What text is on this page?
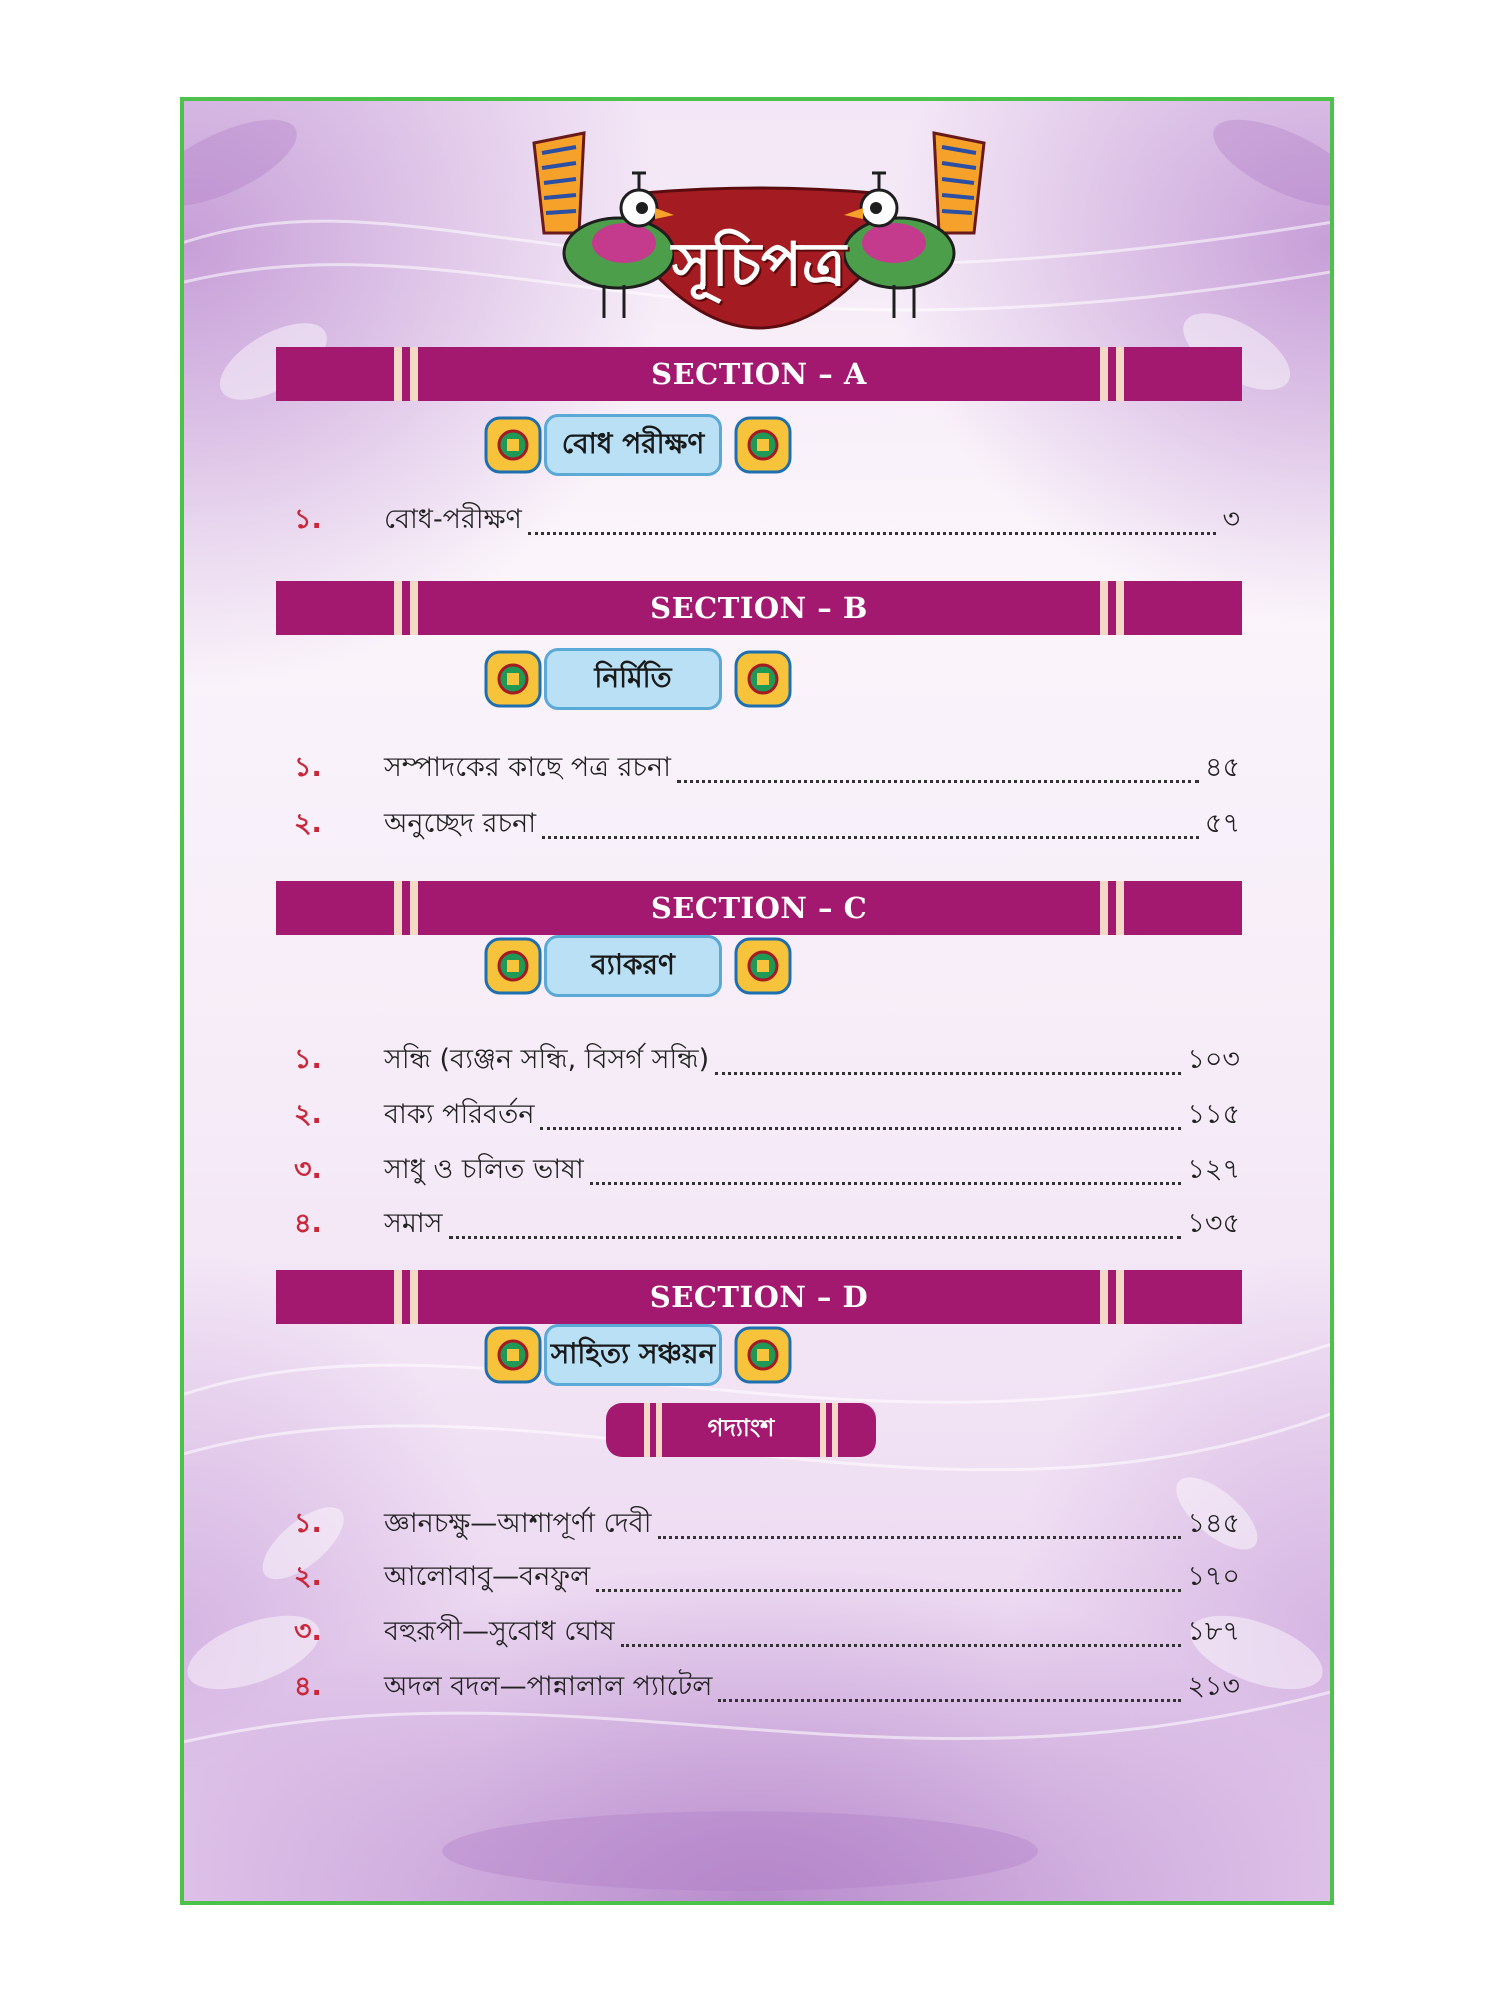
সূচিপত্র
SECTION – A
বোধ পরীক্ষণ
১.	বোধ-পরীক্ষণ	৩
SECTION – B
নির্মিতি
১.	সম্পাদকের কাছে পত্র রচনা	৪৫
২.	অনুচ্ছেদ রচনা	৫৭
SECTION – C
ব্যাকরণ
১.	সন্ধি (ব্যঞ্জন সন্ধি, বিসর্গ সন্ধি)	১০৩
২.	বাক্য পরিবর্তন	১১৫
৩.	সাধু ও চলিত ভাষা	১২৭
৪.	সমাস	১৩৫
SECTION – D
সাহিত্য সঞ্চয়ন
গদ্যাংশ
১.	জ্ঞানচক্ষু—আশাপূর্ণা দেবী	১৪৫
২.	আলোবাবু—বনফুল	১৭০
৩.	বহুরূপী—সুবোধ ঘোষ	১৮৭
৪.	অদল বদল—পান্নালাল প্যাটেল	২১৩
